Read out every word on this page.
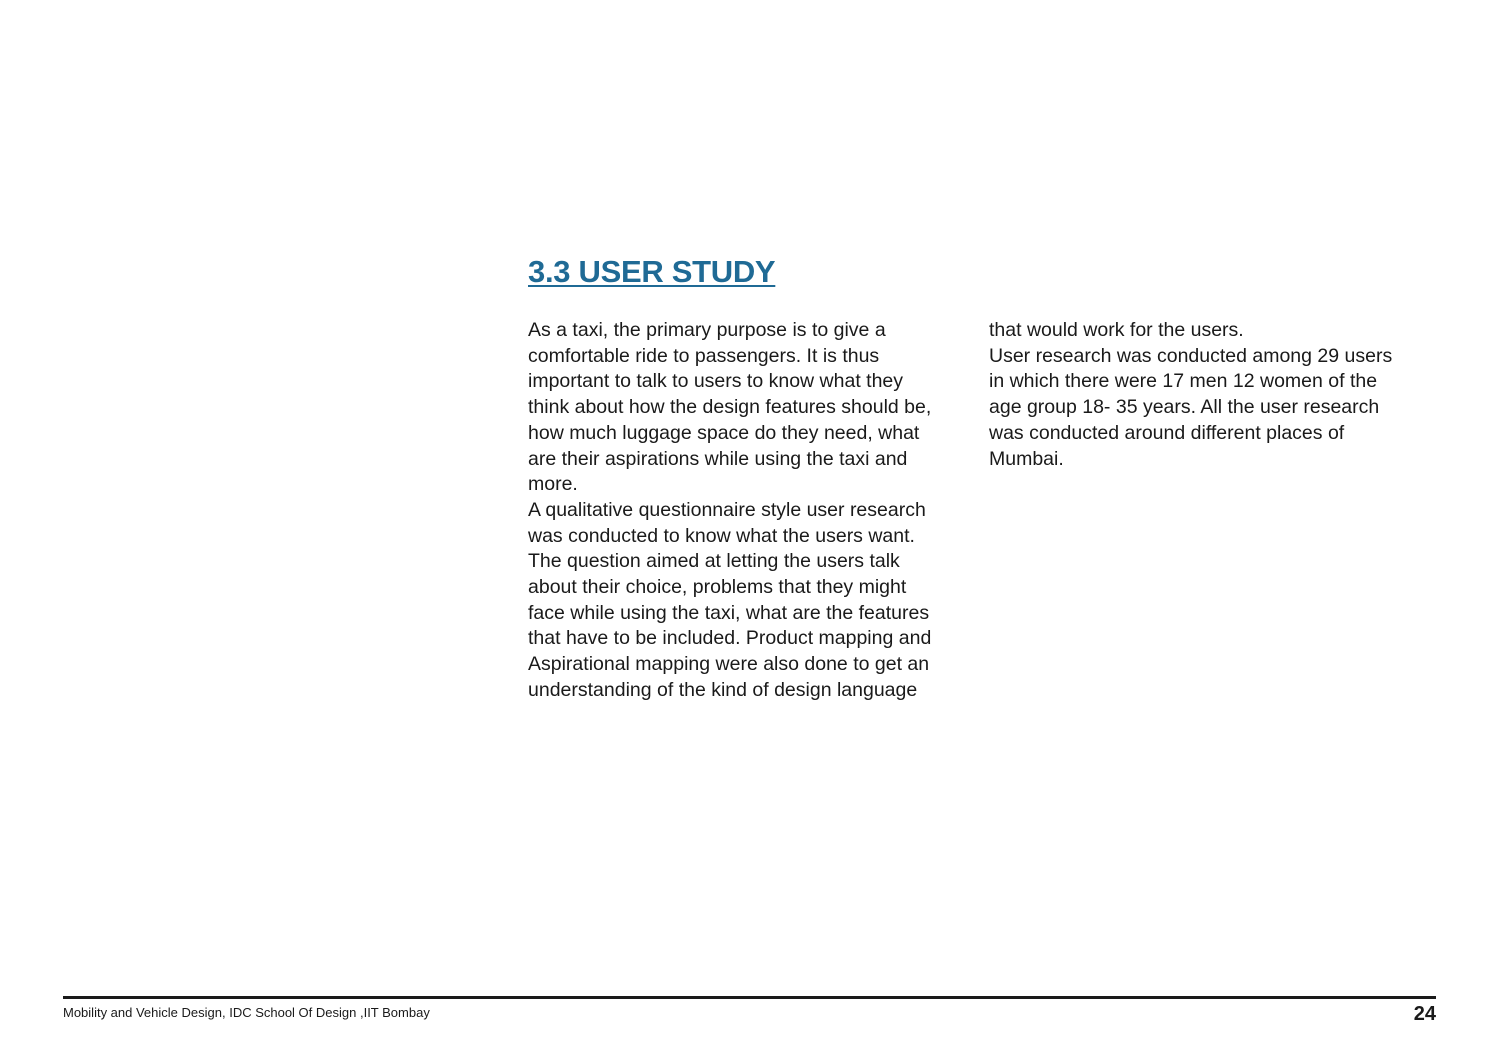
3.3 USER STUDY
As a taxi, the primary purpose is to give a
comfortable ride to passengers. It is thus
important to talk to users to know what they
think about how the design features should be,
how much luggage space do they need, what
are their aspirations while using the taxi and
more.
A qualitative questionnaire style user research
was conducted to know what the users want.
The question aimed at letting the users talk
about their choice, problems that they might
face while using the taxi, what are the features
that have to be included. Product mapping and
Aspirational mapping were also done to get an
understanding of the kind of design language
that would work for the users.
User research was conducted among 29 users
in which there were 17 men 12 women of the
age group 18- 35 years. All the user research
was conducted around different places of
Mumbai.
Mobility and Vehicle Design, IDC School Of Design ,IIT Bombay	24
